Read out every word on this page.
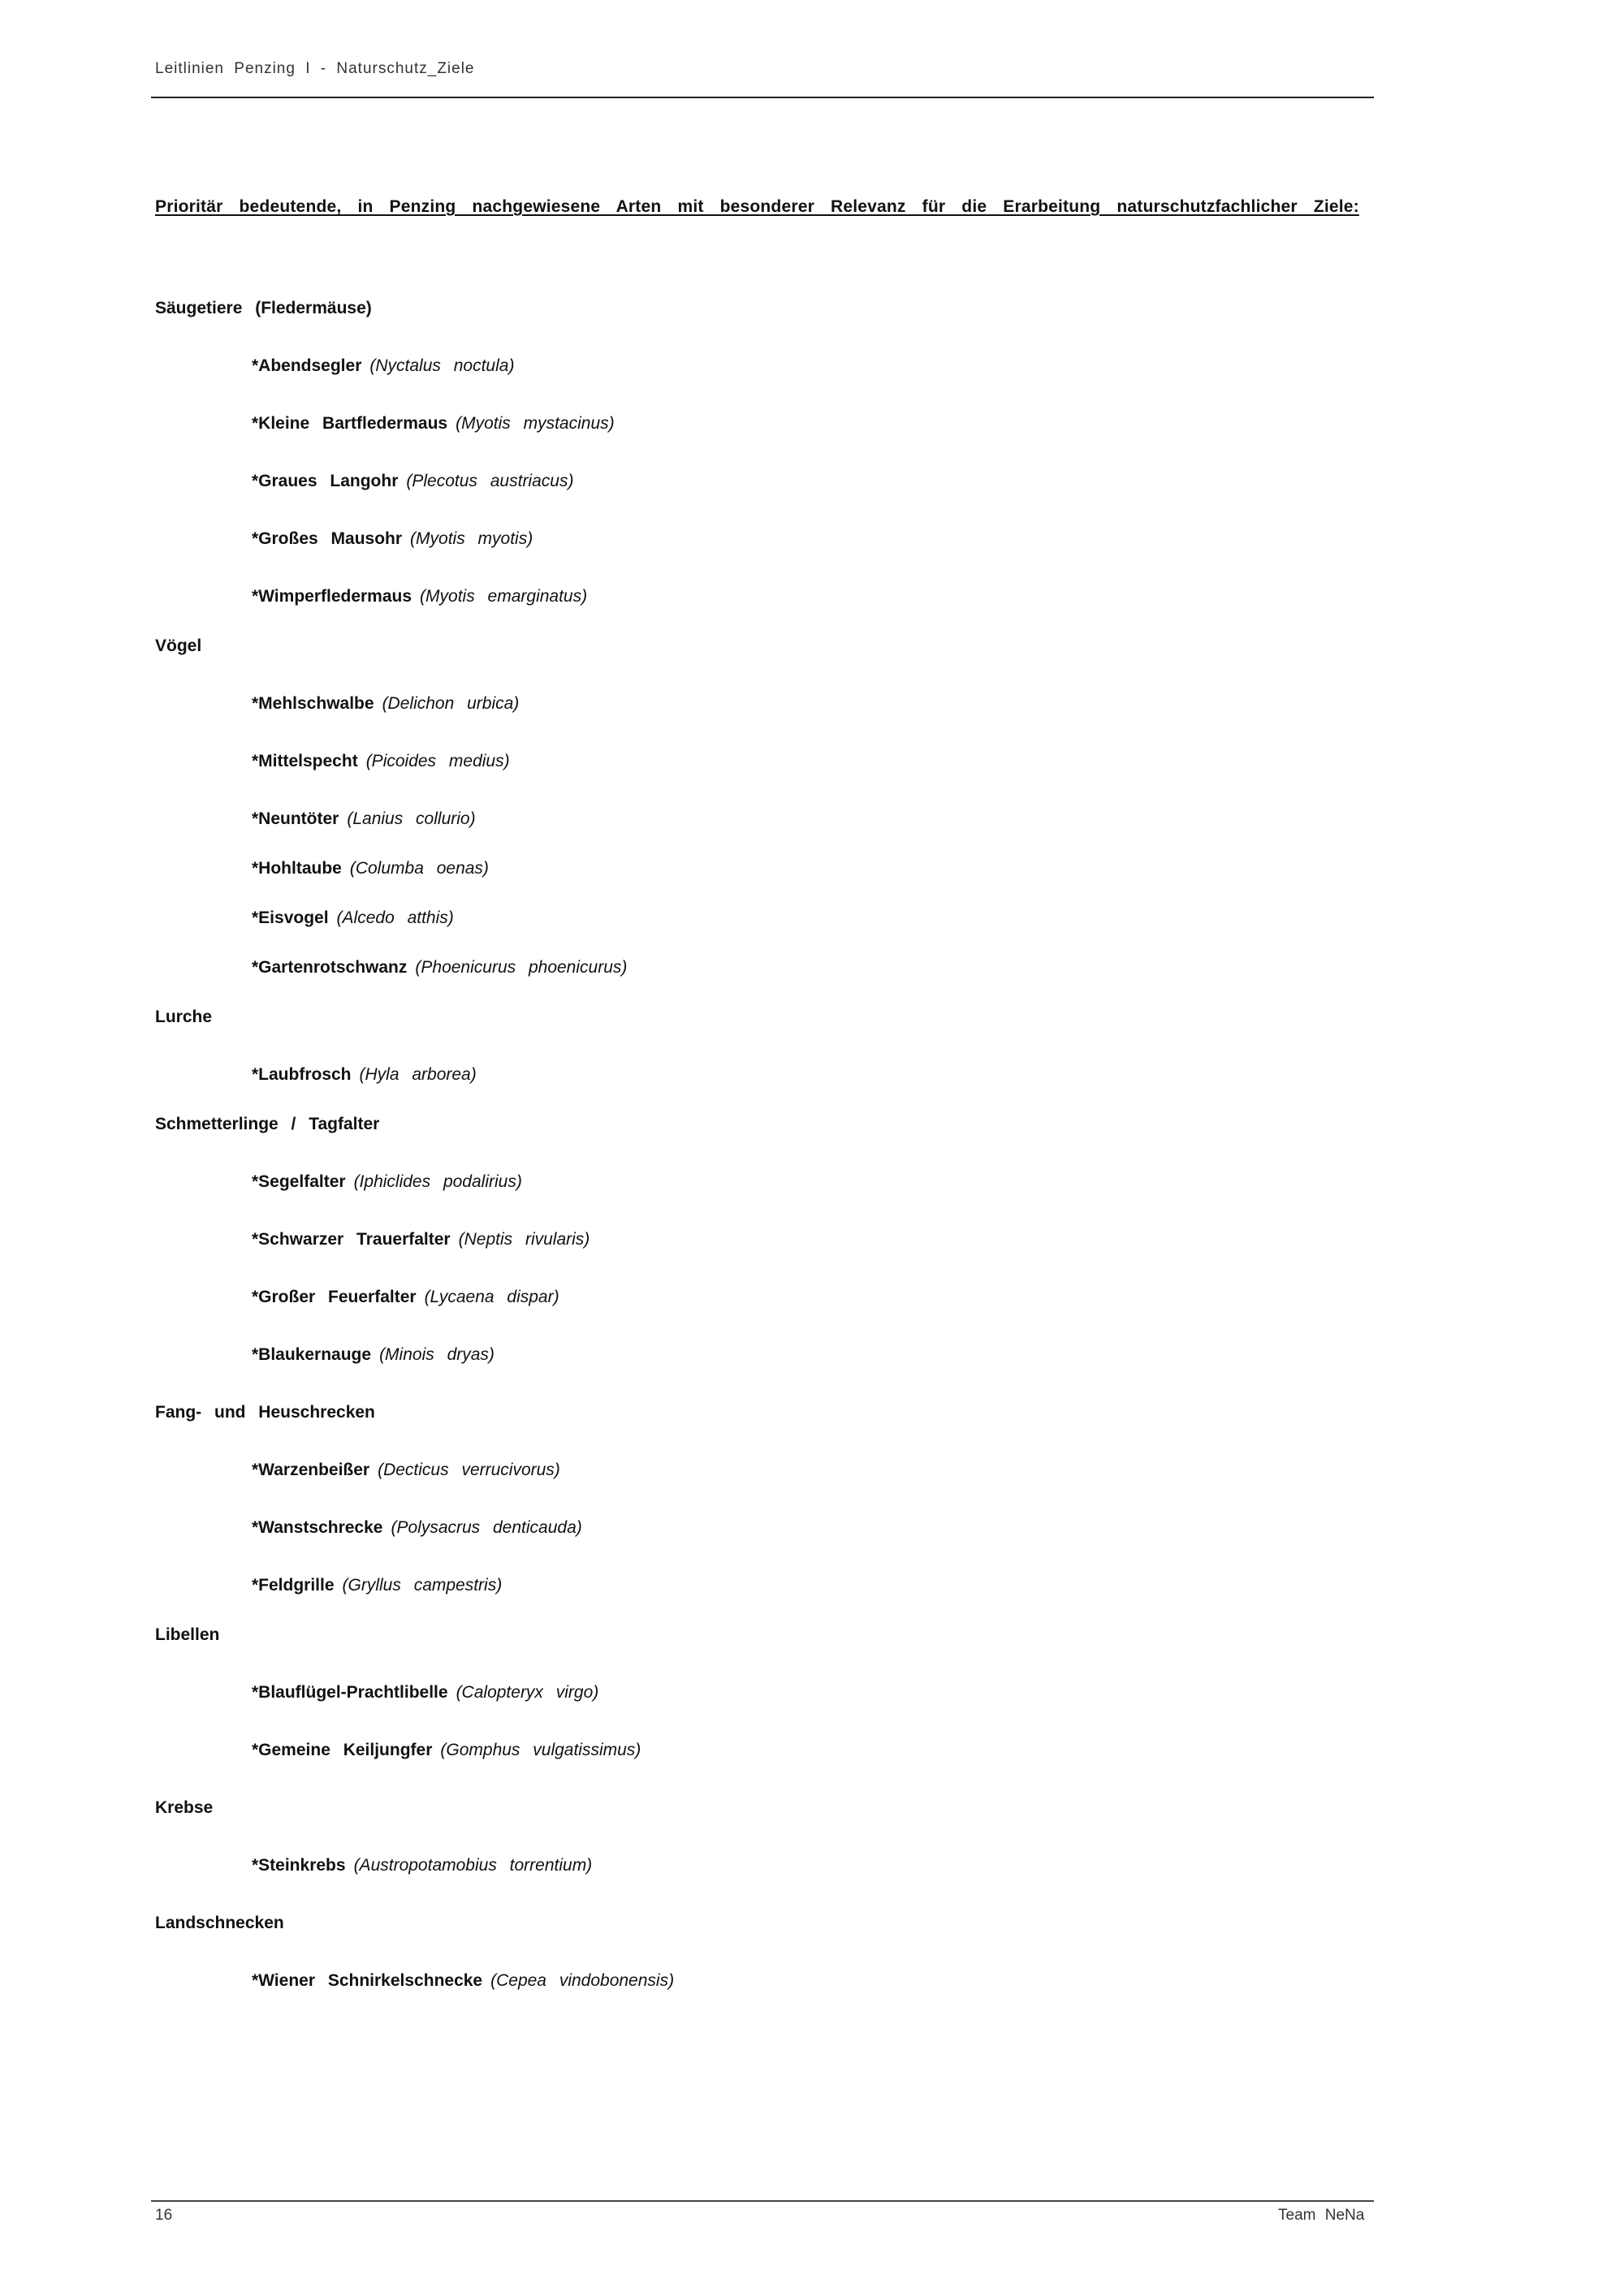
Leitlinien Penzing I - Naturschutz_Ziele
Prioritär bedeutende, in Penzing nachgewiesene Arten mit besonderer Relevanz für die Erarbeitung naturschutzfachlicher Ziele:
Säugetiere (Fledermäuse)
*Abendsegler (Nyctalus noctula)
*Kleine Bartfledermaus (Myotis mystacinus)
*Graues Langohr (Plecotus austriacus)
*Großes Mausohr (Myotis myotis)
*Wimperfledermaus (Myotis emarginatus)
Vögel
*Mehlschwalbe (Delichon urbica)
*Mittelspecht (Picoides medius)
*Neuntöter (Lanius collurio)
*Hohltaube (Columba oenas)
*Eisvogel (Alcedo atthis)
*Gartenrotschwanz (Phoenicurus phoenicurus)
Lurche
*Laubfrosch (Hyla arborea)
Schmetterlinge / Tagfalter
*Segelfalter (Iphiclides podalirius)
*Schwarzer Trauerfalter (Neptis rivularis)
*Großer Feuerfalter (Lycaena dispar)
*Blaukernauge (Minois dryas)
Fang- und Heuschrecken
*Warzenbeißer (Decticus verrucivorus)
*Wanstschrecke (Polysacrus denticauda)
*Feldgrille (Gryllus campestris)
Libellen
*Blauflügel-Prachtlibelle (Calopteryx virgo)
*Gemeine Keiljungfer (Gomphus vulgatissimus)
Krebse
*Steinkrebs (Austropotamobius torrentium)
Landschnecken
*Wiener Schnirkelschnecke (Cepea vindobonensis)
16	Team NeNa
